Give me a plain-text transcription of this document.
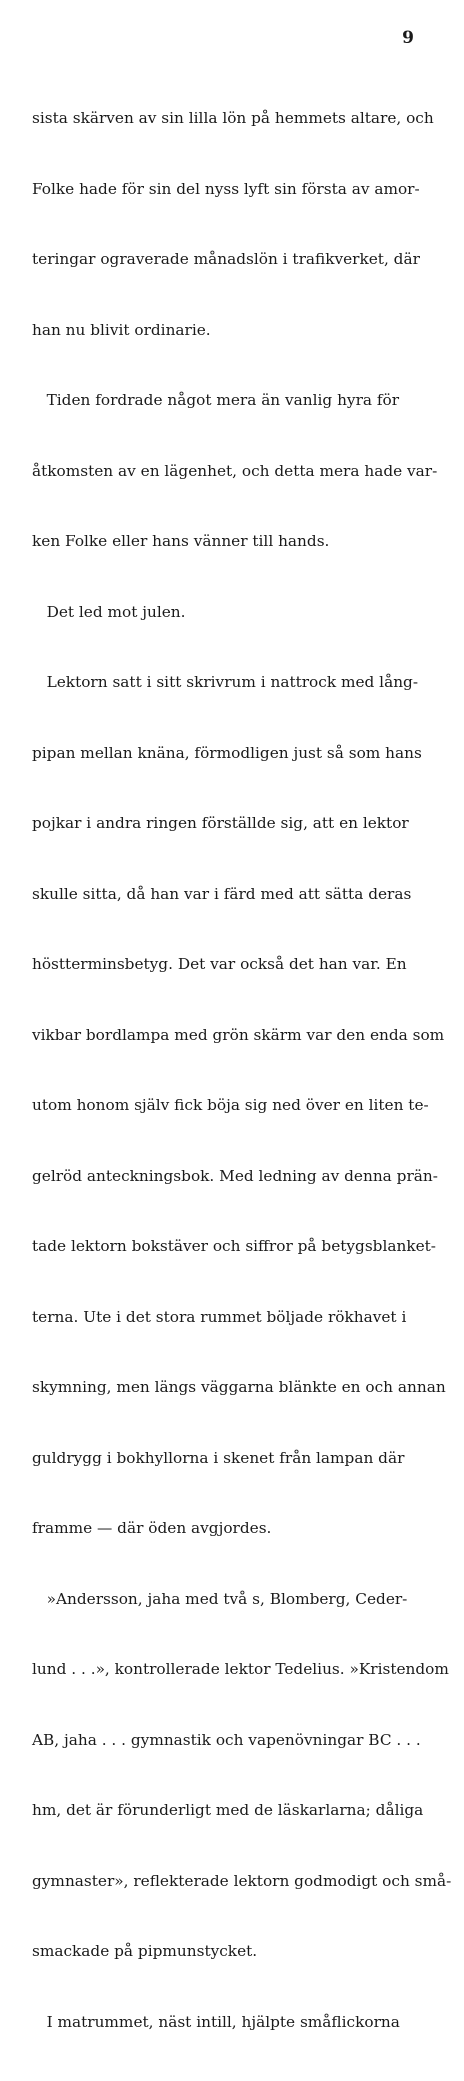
9

sista skärven av sin lilla lön på hemmets altare, och

Folke hade för sin del nyss lyft sin första av amor-

teringar ograverade månadslön i trafikverket, där

han nu blivit ordinarie.

Tiden fordrade något mera än vanlig hyra för

åtkomsten av en lägenhet, och detta mera hade var-

ken Folke eller hans vänner till hands.

Det led mot julen.

Lektorn satt i sitt skrivrum i nattrock med lång-

pipan mellan knäna, förmodligen just så som hans

pojkar i andra ringen förställde sig, att en lektor

skulle sitta, då han var i färd med att sätta deras

höstterminsbetyg. Det var också det han var. En

vikbar bordlampa med grön skärm var den enda som

utom honom själv fick böja sig ned över en liten te-

gelröd anteckningsbok. Med ledning av denna prän-

tade lektorn bokstäver och siffror på betygsblanket-

terna. Ute i det stora rummet böljade rökhavet i

skymning, men längs väggarna blänkte en och annan

guldrygg i bokhyllorna i skenet från lampan där

framme — där öden avgjordes.

»Andersson, jaha med två s, Blomberg, Ceder-

lund . . .», kontrollerade lektor Tedelius. »Kristendom

AB, jaha . . . gymnastik och vapenövningar BC . . .

hm, det är förunderligt med de läskarlarna; dåliga

gymnaster», reflekterade lektorn godmodigt och små-

smackade på pipmunstycket.

I matrummet, näst intill, hjälpte småflickorna
